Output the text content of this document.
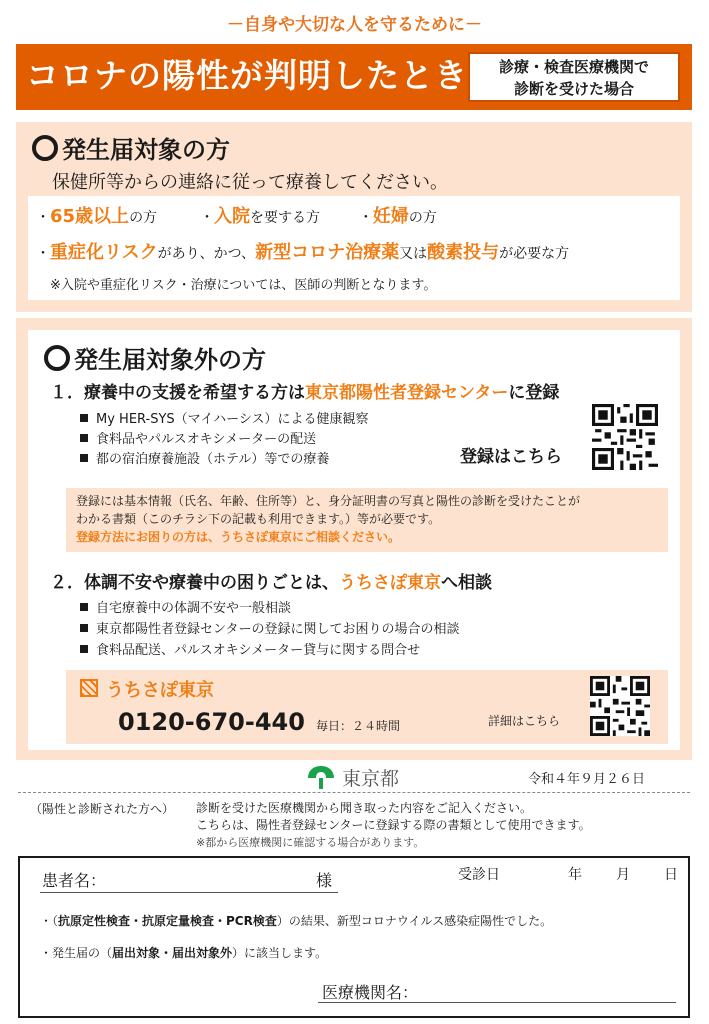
－自身や大切な人を守るために－
コロナの陽性が判明したとき	診療・検査医療機関で
診断を受けた場合
発生届対象の方
保健所等からの連絡に従って療養してください。
・65歳以上の方	・入院を要する方	・妊婦の方
・重症化リスクがあり、かつ、新型コロナ治療薬又は酸素投与が必要な方
※入院や重症化リスク・治療については、医師の判断となります。
発生届対象外の方
１．療養中の支援を希望する方は東京都陽性者登録センターに登録
My HER-SYS（マイハーシス）による健康観察
食料品やパルスオキシメーターの配送
都の宿泊療養施設（ホテル）等での療養	登録はこちら
登録には基本情報（氏名、年齢、住所等）と、身分証明書の写真と陽性の診断を受けたことが
わかる書類（このチラシ下の記載も利用できます。）等が必要です。
登録方法にお困りの方は、うちさぽ東京にご相談ください。
２．体調不安や療養中の困りごとは、うちさぽ東京へ相談
自宅療養中の体調不安や一般相談
東京都陽性者登録センターの登録に関してお困りの場合の相談
食料品配送、パルスオキシメーター貸与に関する問合せ
うちさぽ東京
0120-670-440 毎日：２４時間	詳細はこちら
東京都	令和４年９月２６日
（陽性と診断された方へ） 診断を受けた医療機関から聞き取った内容をご記入ください。
こちらは、陽性者登録センターに登録する際の書類として使用できます。
※都から医療機関に確認する場合があります。
患者名：	様	受診日	年 月 日
・（抗原定性検査・抗原定量検査・PCR検査）の結果、新型コロナウイルス感染症陽性でした。
・発生届の（届出対象・届出対象外）に該当します。
医療機関名：
